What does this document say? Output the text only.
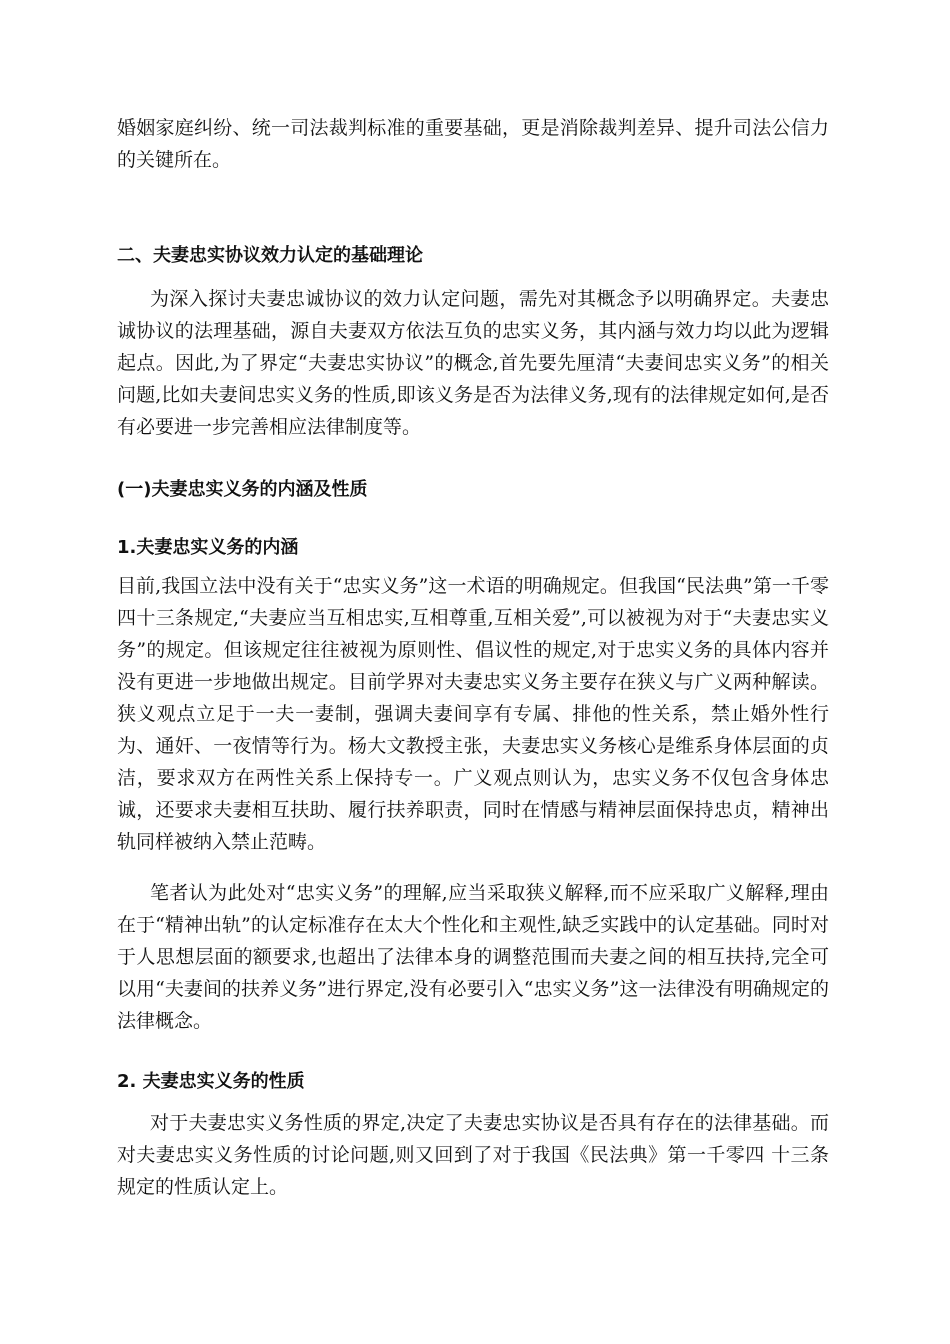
婚姻家庭纠纷、统一司法裁判标准的重要基础，更是消除裁判差异、提升司法公信力的关键所在。

二、夫妻忠实协议效力认定的基础理论

为深入探讨夫妻忠诚协议的效力认定问题，需先对其概念予以明确界定。夫妻忠诚协议的法理基础，源自夫妻双方依法互负的忠实义务，其内涵与效力均以此为逻辑起点。因此,为了界定“夫妻忠实协议”的概念,首先要先厘清“夫妻间忠实义务”的相关问题,比如夫妻间忠实义务的性质,即该义务是否为法律义务,现有的法律规定如何,是否有必要进一步完善相应法律制度等。

(一)夫妻忠实义务的内涵及性质
1.夫妻忠实义务的内涵

目前,我国立法中没有关于“忠实义务”这一术语的明确规定。但我国“民法典”第一千零四十三条规定,“夫妻应当互相忠实,互相尊重,互相关爱”,可以被视为对于“夫妻忠实义务”的规定。但该规定往往被视为原则性、倡议性的规定,对于忠实义务的具体内容并没有更进一步地做出规定。目前学界对夫妻忠实义务主要存在狭义与广义两种解读。狭义观点立足于一夫一妻制，强调夫妻间享有专属、排他的性关系，禁止婚外性行为、通奸、一夜情等行为。杨大文教授主张，夫妻忠实义务核心是维系身体层面的贞洁，要求双方在两性关系上保持专一。广义观点则认为，忠实义务不仅包含身体忠诚，还要求夫妻相互扶助、履行扶养职责，同时在情感与精神层面保持忠贞，精神出轨同样被纳入禁止范畴。

笔者认为此处对“忠实义务”的理解,应当采取狭义解释,而不应采取广义解释,理由在于“精神出轨”的认定标准存在太大个性化和主观性,缺乏实践中的认定基础。同时对于人思想层面的额要求,也超出了法律本身的调整范围而夫妻之间的相互扶持,完全可以用“夫妻间的扶养义务”进行界定,没有必要引入“忠实义务”这一法律没有明确规定的法律概念。

2. 夫妻忠实义务的性质

对于夫妻忠实义务性质的界定,决定了夫妻忠实协议是否具有存在的法律基础。而对夫妻忠实义务性质的讨论问题,则又回到了对于我国《民法典》第一千零四 十三条规定的性质认定上。
